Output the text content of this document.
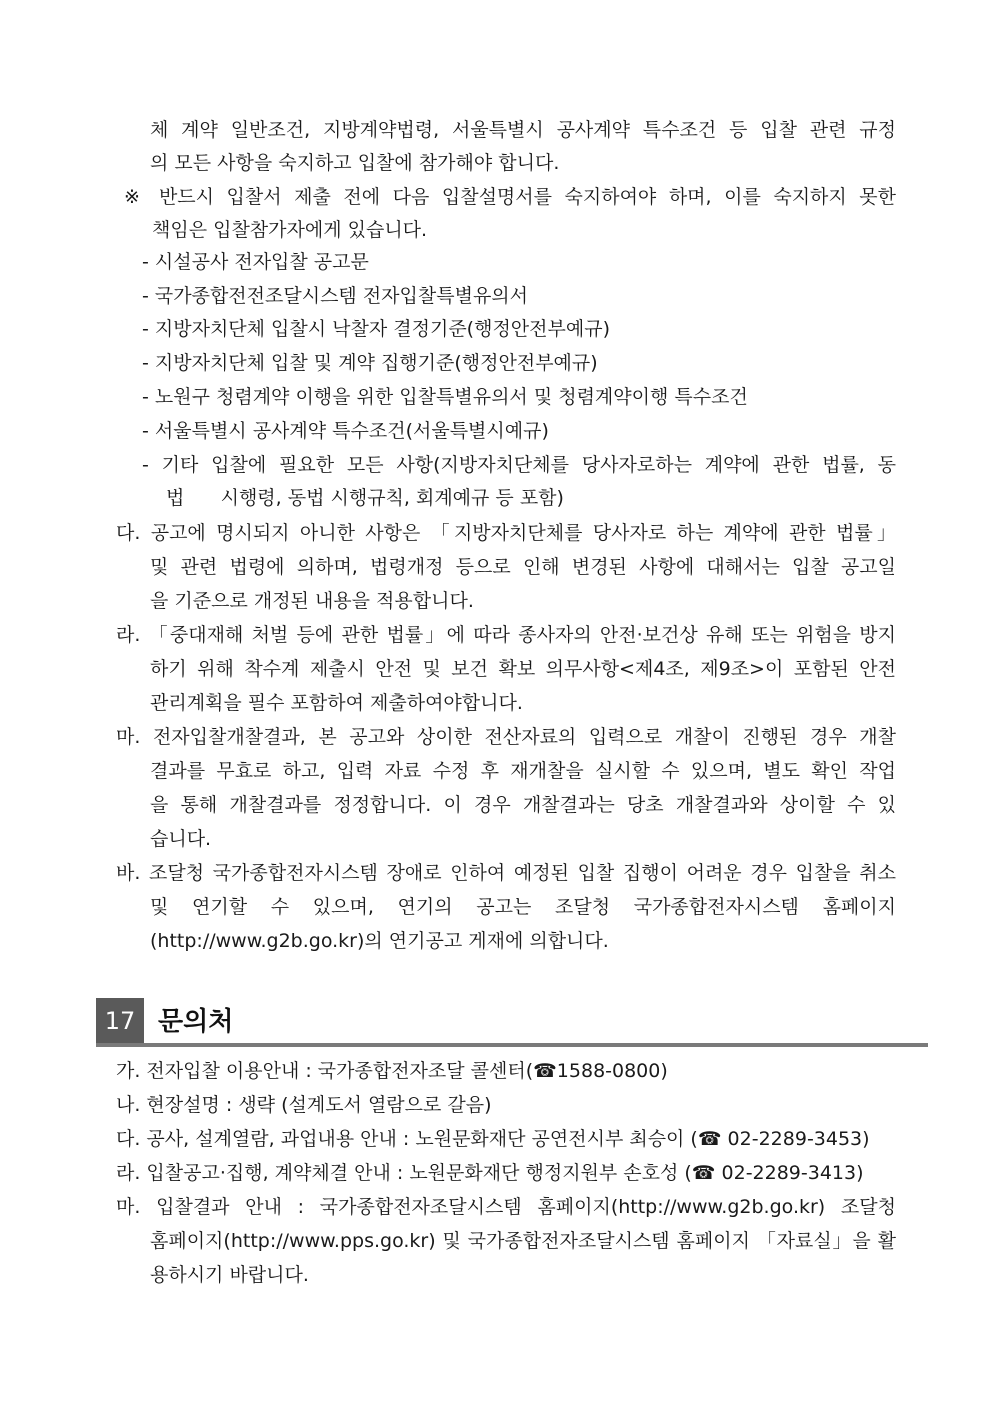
체 계약 일반조건, 지방계약법령, 서울특별시 공사계약 특수조건 등 입찰 관련 규정
의 모든 사항을 숙지하고 입찰에 참가해야 합니다.
※ 반드시 입찰서 제출 전에 다음 입찰설명서를 숙지하여야 하며, 이를 숙지하지 못한
책임은 입찰참가자에게 있습니다.
- 시설공사 전자입찰 공고문
- 국가종합전전조달시스템 전자입찰특별유의서
- 지방자치단체 입찰시 낙찰자 결정기준(행정안전부예규)
- 지방자치단체 입찰 및 계약 집행기준(행정안전부예규)
- 노원구 청렴계약 이행을 위한 입찰특별유의서 및 청렴계약이행 특수조건
- 서울특별시 공사계약 특수조건(서울특별시예규)
- 기타 입찰에 필요한 모든 사항(지방자치단체를 당사자로하는 계약에 관한 법률, 동
법      시행령, 동법 시행규칙, 회계예규 등 포함)
다. 공고에 명시되지 아니한 사항은 「지방자치단체를 당사자로 하는 계약에 관한 법률」
및 관련 법령에 의하며, 법령개정 등으로 인해 변경된 사항에 대해서는 입찰 공고일
을 기준으로 개정된 내용을 적용합니다.
라. 「중대재해 처벌 등에 관한 법률」에 따라 종사자의 안전·보건상 유해 또는 위험을 방지
하기 위해 착수계 제출시 안전 및 보건 확보 의무사항<제4조, 제9조>이 포함된 안전
관리계획을 필수 포함하여 제출하여야합니다.
마. 전자입찰개찰결과, 본 공고와 상이한 전산자료의 입력으로 개찰이 진행된 경우 개찰
결과를 무효로 하고, 입력 자료 수정 후 재개찰을 실시할 수 있으며, 별도 확인 작업
을 통해 개찰결과를 정정합니다. 이 경우 개찰결과는 당초 개찰결과와 상이할 수 있
습니다.
바. 조달청 국가종합전자시스템 장애로 인하여 예정된 입찰 집행이 어려운 경우 입찰을 취소
및 연기할 수 있으며, 연기의 공고는 조달청 국가종합전자시스템 홈페이지
(http://www.g2b.go.kr)의 연기공고 게재에 의합니다.
17 문의처
가. 전자입찰 이용안내 : 국가종합전자조달 콜센터(☎1588-0800)
나. 현장설명 : 생략 (설계도서 열람으로 갈음)
다. 공사, 설계열람, 과업내용 안내 : 노원문화재단 공연전시부 최승이 (☎ 02-2289-3453)
라. 입찰공고·집행, 계약체결 안내 : 노원문화재단 행정지원부 손호성 (☎ 02-2289-3413)
마. 입찰결과 안내 : 국가종합전자조달시스템 홈페이지(http://www.g2b.go.kr) 조달청
홈페이지(http://www.pps.go.kr) 및 국가종합전자조달시스템 홈페이지 「자료실」을 활
용하시기 바랍니다.
